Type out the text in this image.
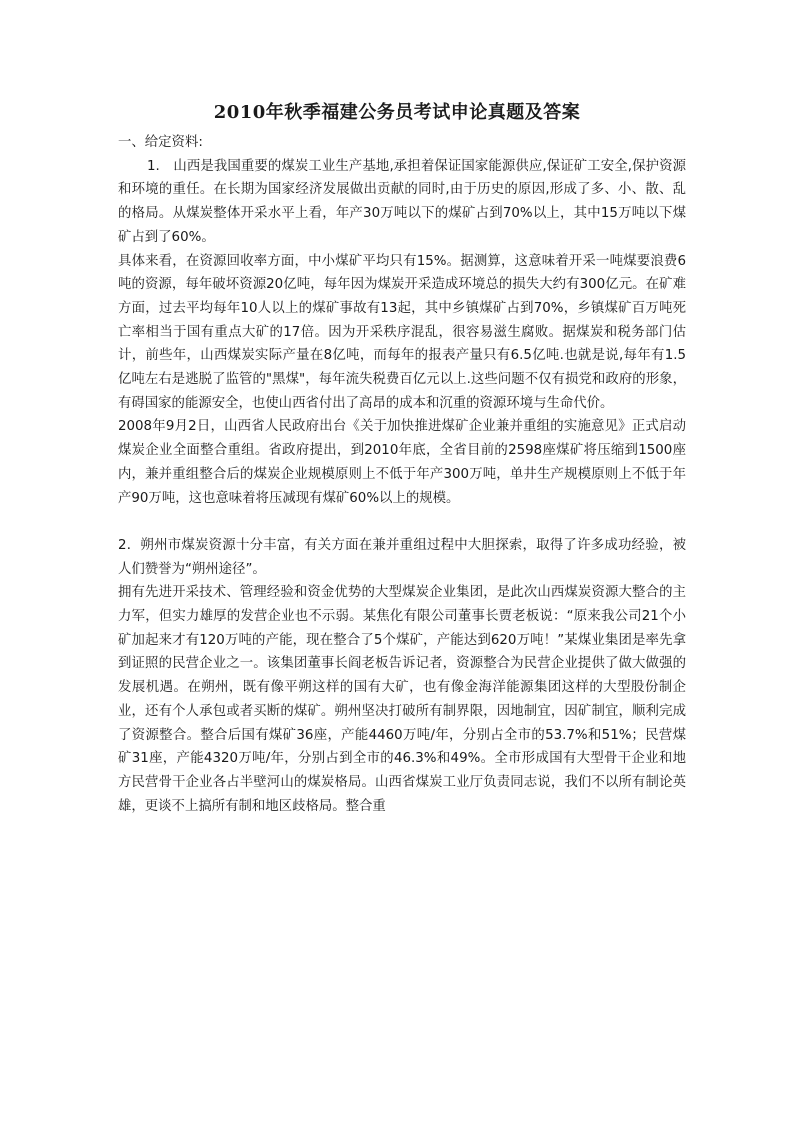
2010年秋季福建公务员考试申论真题及答案

一、给定资料:

1.　山西是我国重要的煤炭工业生产基地,承担着保证国家能源供应,保证矿工安全,保护资源和环境的重任。在长期为国家经济发展做出贡献的同时,由于历史的原因,形成了多、小、散、乱的格局。从煤炭整体开采水平上看，年产30万吨以下的煤矿占到70%以上，其中15万吨以下煤矿占到了60%。

具体来看，在资源回收率方面，中小煤矿平均只有15%。据测算，这意味着开采一吨煤要浪费6吨的资源，每年破坏资源20亿吨，每年因为煤炭开采造成环境总的损失大约有300亿元。在矿难方面，过去平均每年10人以上的煤矿事故有13起，其中乡镇煤矿占到70%，乡镇煤矿百万吨死亡率相当于国有重点大矿的17倍。因为开采秩序混乱，很容易滋生腐败。据煤炭和税务部门估计，前些年，山西煤炭实际产量在8亿吨，而每年的报表产量只有6.5亿吨.也就是说,每年有1.5亿吨左右是逃脱了监管的"黑煤"，每年流失税费百亿元以上.这些问题不仅有损党和政府的形象，有碍国家的能源安全，也使山西省付出了高昂的成本和沉重的资源环境与生命代价。

2008年9月2日，山西省人民政府出台《关于加快推进煤矿企业兼并重组的实施意见》正式启动煤炭企业全面整合重组。省政府提出，到2010年底，全省目前的2598座煤矿将压缩到1500座内，兼并重组整合后的煤炭企业规模原则上不低于年产300万吨，单井生产规模原则上不低于年产90万吨，这也意味着将压减现有煤矿60%以上的规模。

2．朔州市煤炭资源十分丰富，有关方面在兼并重组过程中大胆探索，取得了许多成功经验，被人们赞誉为“朔州途径”。

拥有先进开采技术、管理经验和资金优势的大型煤炭企业集团，是此次山西煤炭资源大整合的主力军，但实力雄厚的发营企业也不示弱。某焦化有限公司董事长贾老板说：“原来我公司21个小矿加起来才有120万吨的产能，现在整合了5个煤矿，产能达到620万吨！”某煤业集团是率先拿到证照的民营企业之一。该集团董事长阎老板告诉记者，资源整合为民营企业提供了做大做强的发展机遇。在朔州，既有像平朔这样的国有大矿，也有像金海洋能源集团这样的大型股份制企业，还有个人承包或者买断的煤矿。朔州坚决打破所有制界限，因地制宜，因矿制宜，顺利完成了资源整合。整合后国有煤矿36座，产能4460万吨/年，分别占全市的53.7%和51%；民营煤矿31座，产能4320万吨/年，分别占到全市的46.3%和49%。全市形成国有大型骨干企业和地方民营骨干企业各占半壁河山的煤炭格局。山西省煤炭工业厅负责同志说，我们不以所有制论英雄，更谈不上搞所有制和地区歧格局。整合重
